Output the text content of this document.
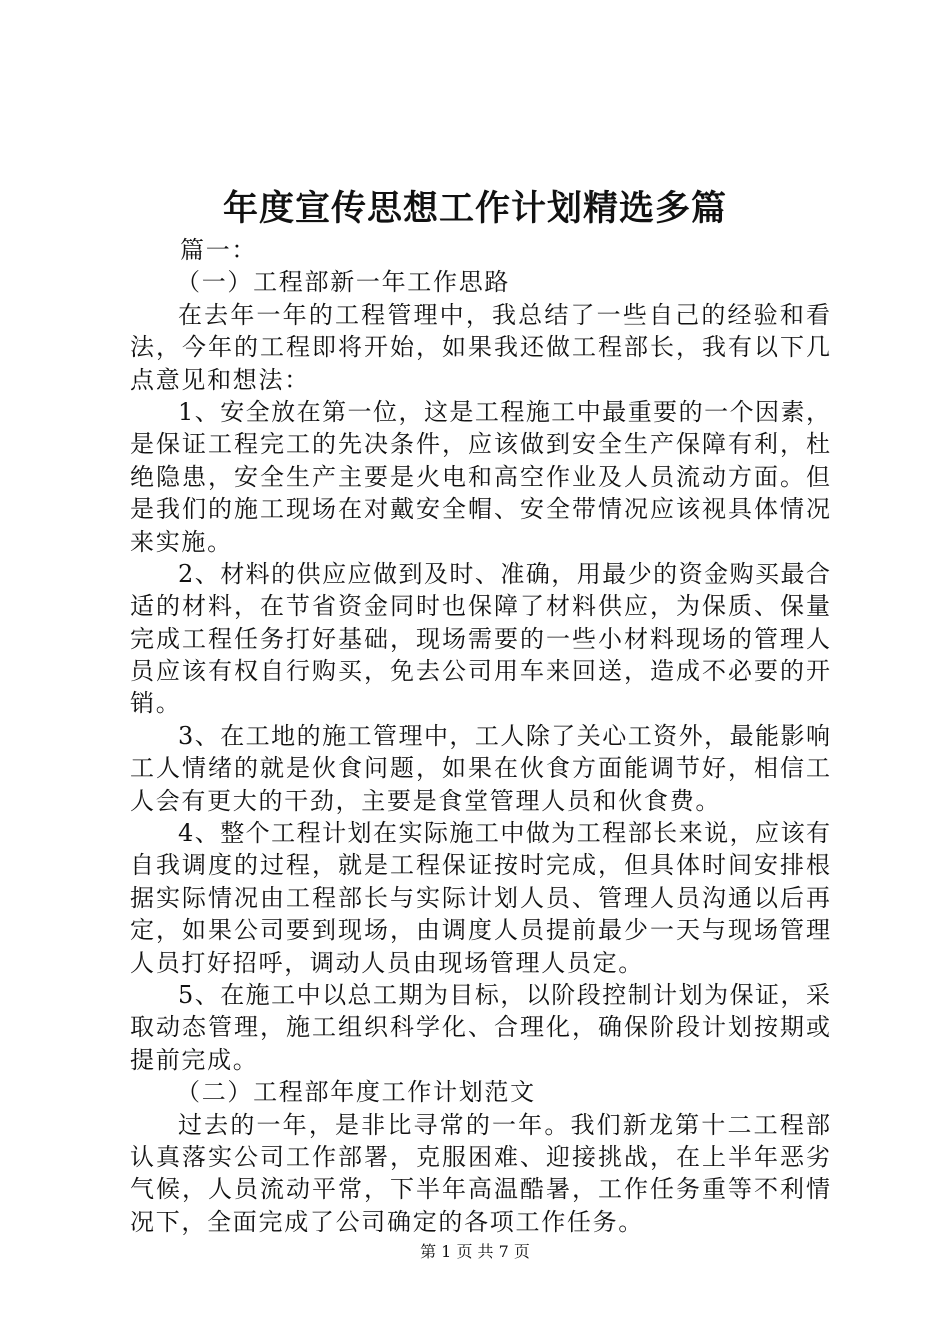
年度宣传思想工作计划精选多篇
篇一：
（一）工程部新一年工作思路
在去年一年的工程管理中，我总结了一些自己的经验和看
法，今年的工程即将开始，如果我还做工程部长，我有以下几
点意见和想法：
1、安全放在第一位，这是工程施工中最重要的一个因素，
是保证工程完工的先决条件，应该做到安全生产保障有利，杜
绝隐患，安全生产主要是火电和高空作业及人员流动方面。但
是我们的施工现场在对戴安全帽、安全带情况应该视具体情况
来实施。
2、材料的供应应做到及时、准确，用最少的资金购买最合
适的材料，在节省资金同时也保障了材料供应，为保质、保量
完成工程任务打好基础，现场需要的一些小材料现场的管理人
员应该有权自行购买，免去公司用车来回送，造成不必要的开
销。
3、在工地的施工管理中，工人除了关心工资外，最能影响
工人情绪的就是伙食问题，如果在伙食方面能调节好，相信工
人会有更大的干劲，主要是食堂管理人员和伙食费。
4、整个工程计划在实际施工中做为工程部长来说，应该有
自我调度的过程，就是工程保证按时完成，但具体时间安排根
据实际情况由工程部长与实际计划人员、管理人员沟通以后再
定，如果公司要到现场，由调度人员提前最少一天与现场管理
人员打好招呼，调动人员由现场管理人员定。
5、在施工中以总工期为目标，以阶段控制计划为保证，采
取动态管理，施工组织科学化、合理化，确保阶段计划按期或
提前完成。
（二）工程部年度工作计划范文
过去的一年，是非比寻常的一年。我们新龙第十二工程部
认真落实公司工作部署，克服困难、迎接挑战，在上半年恶劣
气候，人员流动平常，下半年高温酷暑，工作任务重等不利情
况下，全面完成了公司确定的各项工作任务。
第 1 页 共 7 页
